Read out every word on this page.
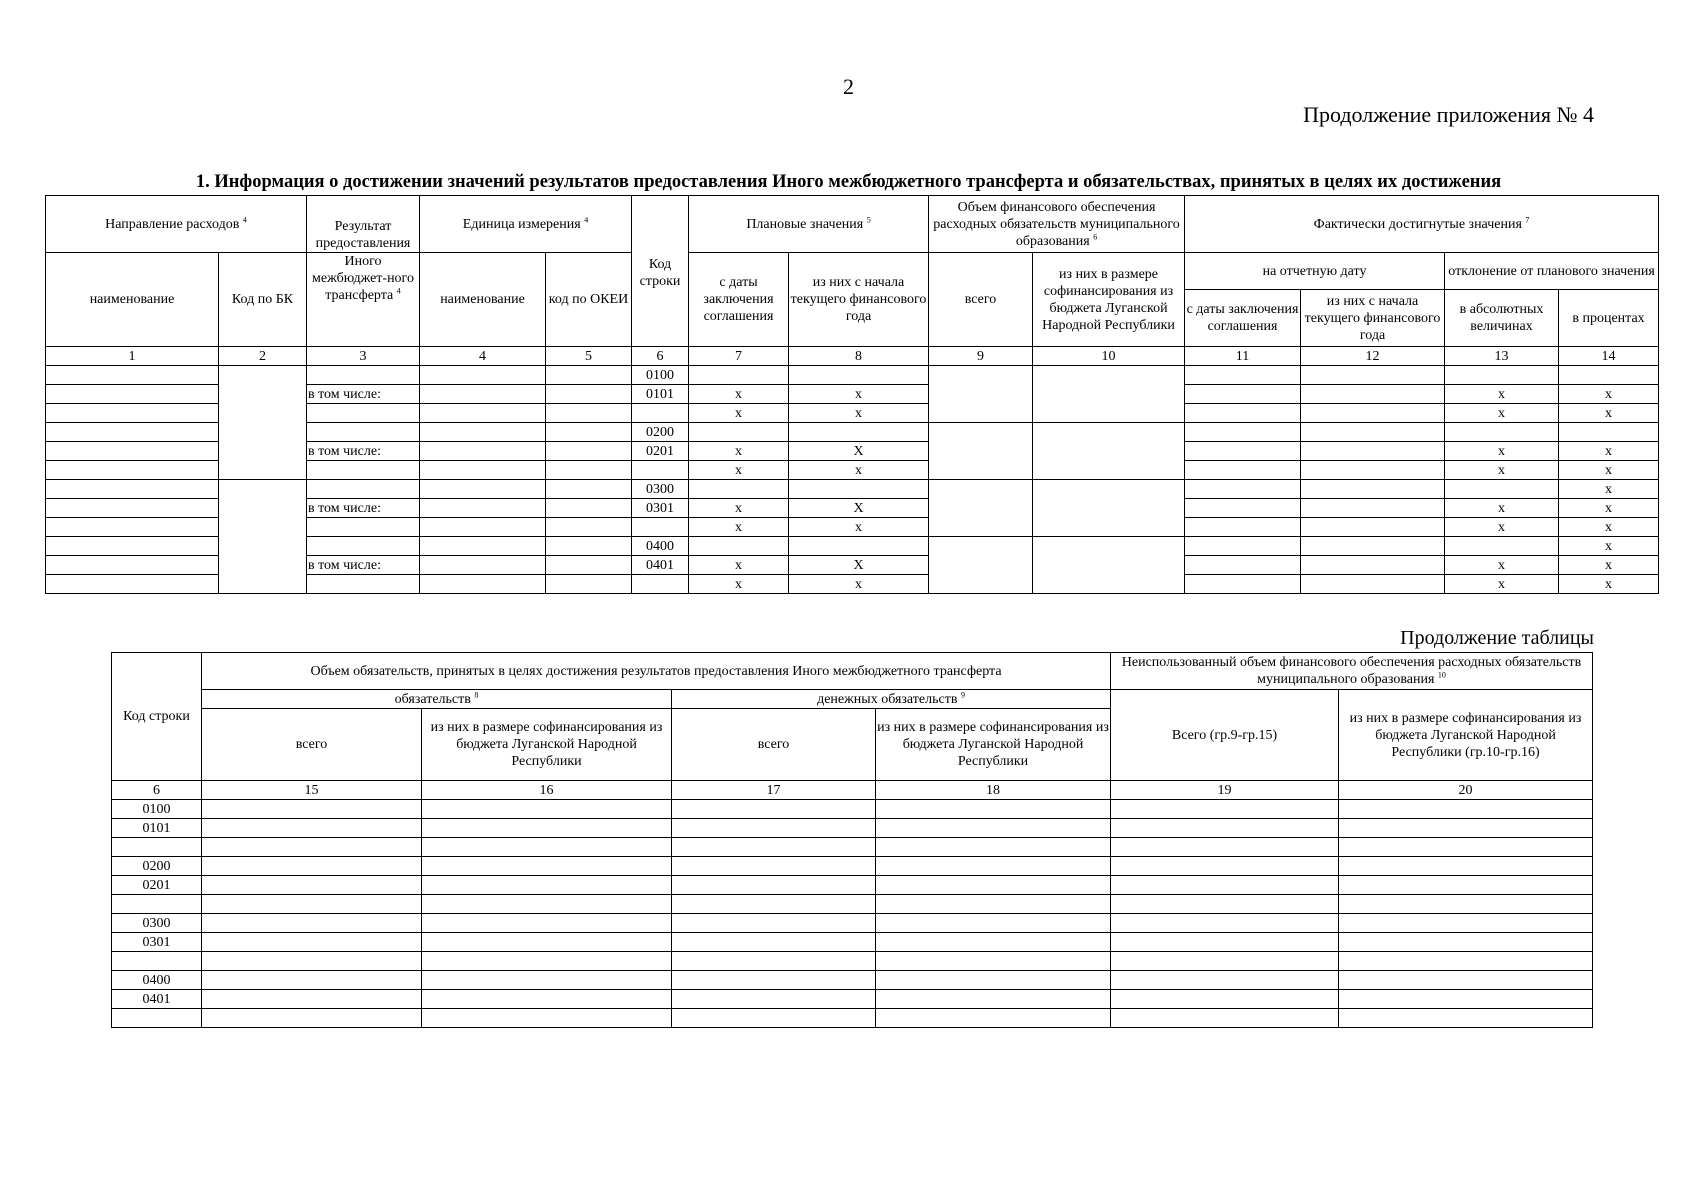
2
Продолжение приложения № 4
1. Информация о достижении значений результатов предоставления Иного межбюджетного трансферта и обязательствах, принятых в целях их достижения
Направление расходов $^4$		Результат предоставления	Единица измерения $^4$		Код строки	Плановые значения $^5$		Объем финансового обеспечения расходных обязательств муниципального образования $^6$		Фактически достигнутые значения $^7$
наименование	Код по БК	Иного межбюджет-ного трансферта $^4$	наименование	код по ОКЕИ		с даты заключения соглашения	из них с начала текущего финансового года	всего	из них в размере софинансирования из бюджета Луганской Народной Республики	на отчетную дату		отклонение от планового значения	
										с даты заключения соглашения	из них с начала текущего финансового года	в абсолютных величинах	в процентах
1	2	3	4	5	6	7	8	9	10	11	12	13	14
					0100								
		в том числе:			0101	x	x					x	x
						x	x					x	x
					0200								
		в том числе:			0201	x	X					x	x
						x	x					x	x
					0300								x
		в том числе:			0301	x	X					x	x
						x	x					x	x
					0400								x
		в том числе:			0401	x	X					x	x
						x	x					x	x
Продолжение таблицы
Код строки	Объем обязательств, принятых в целях достижения результатов предоставления Иного межбюджетного трансферта				Неиспользованный объем финансового обеспечения расходных обязательств муниципального образования $^{10}$
	обязательств $^8$		денежных обязательств $^9$		Всего (гр.9-гр.15)	из них в размере софинансирования из бюджета Луганской Народной Республики (гр.10-гр.16)
	всего	из них в размере софинансирования из бюджета Луганской Народной Республики	всего	из них в размере софинансирования из бюджета Луганской Народной Республики		
6	15	16	17	18	19	20
0100						
0101						

0200						
0201						

0300						
0301						

0400						
0401						
